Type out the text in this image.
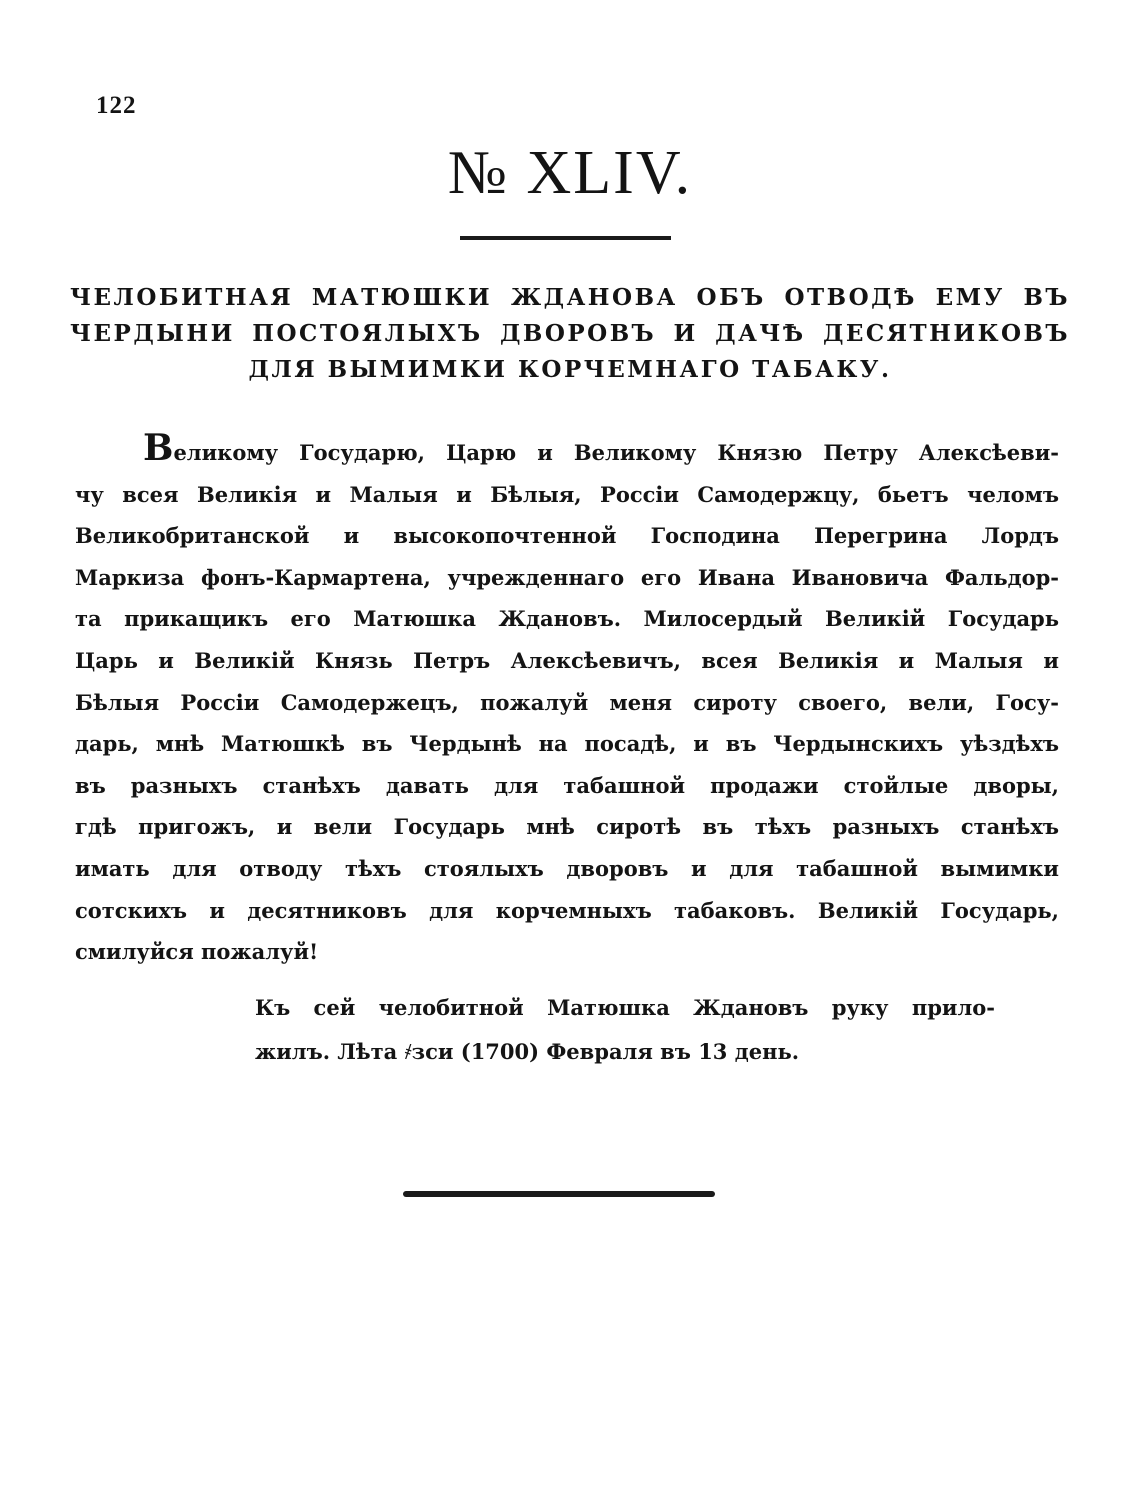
122
№ XLIV.
ЧЕЛОБИТНАЯ МАТЮШКИ ЖДАНОВА ОБЪ ОТВОДѢ ЕМУ ВЪ
ЧЕРДЫНИ ПОСТОЯЛЫХЪ ДВОРОВЪ И ДАЧѢ ДЕСЯТНИКОВЪ
ДЛЯ ВЫМИМКИ КОРЧЕМНАГО ТАБАКУ.
Великому Государю, Царю и Великому Князю Петру Алексѣеви-
чу всея Великія и Малыя и Бѣлыя, Россіи Самодержцу, бьетъ челомъ
Великобританской и высокопочтенной Господина Перегрина Лордъ
Маркиза фонъ-Кармартена, учрежденнаго его Ивана Ивановича Фальдор-
та прикащикъ его Матюшка Ждановъ. Милосердый Великій Государь
Царь и Великій Князь Петръ Алексѣевичъ, всея Великія и Малыя и
Бѣлыя Россіи Самодержецъ, пожалуй меня сироту своего, вели, Госу-
дарь, мнѣ Матюшкѣ въ Чердынѣ на посадѣ, и въ Чердынскихъ уѣздѣхъ
въ разныхъ станѣхъ давать для табашной продажи стойлые дворы,
гдѣ пригожъ, и вели Государь мнѣ сиротѣ въ тѣхъ разныхъ станѣхъ
имать для отводу тѣхъ стоялыхъ дворовъ и для табашной вымимки
сотскихъ и десятниковъ для корчемныхъ табаковъ. Великій Государь,
смилуйся пожалуй!
Къ сей челобитной Матюшка Ждановъ руку прило-
жилъ. Лѣта ҂зси (1700) Февраля въ 13 день.
